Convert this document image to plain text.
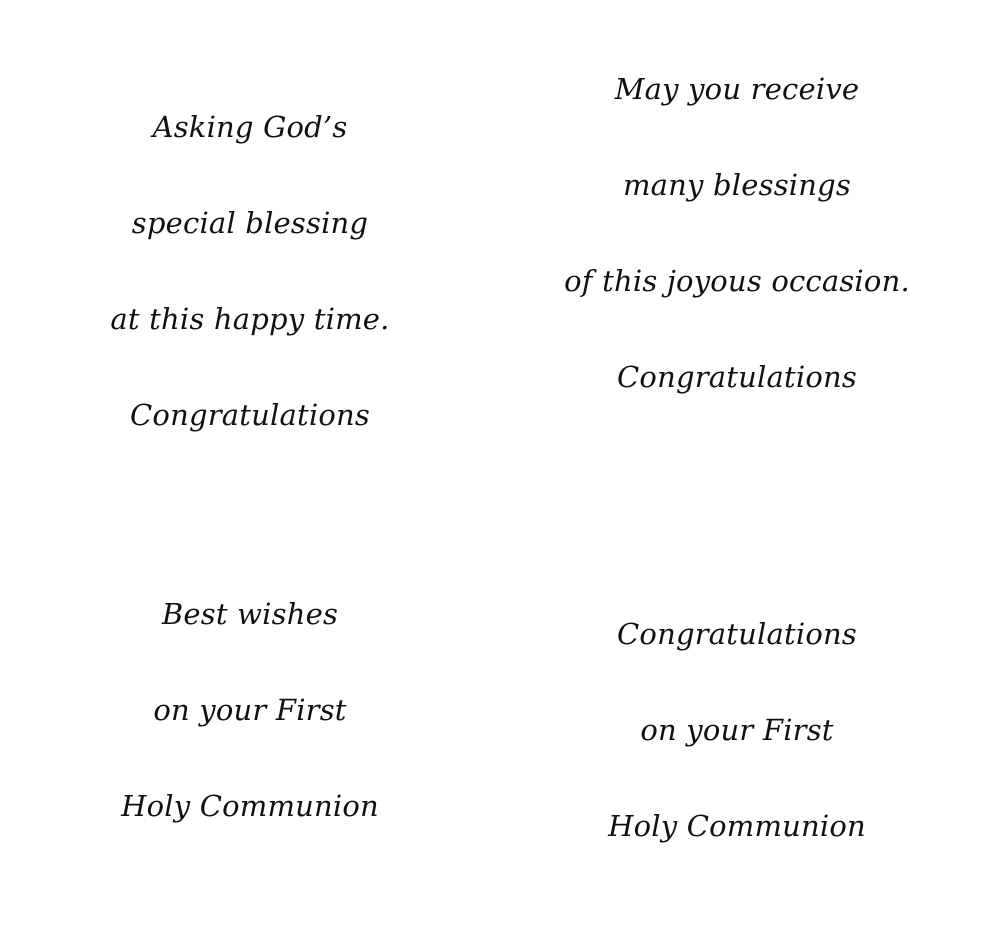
Asking God’s
special blessing
at this happy time.
Congratulations
May you receive
many blessings
of this joyous occasion.
Congratulations
Best wishes
on your First
Holy Communion
Congratulations
on your First
Holy Communion
